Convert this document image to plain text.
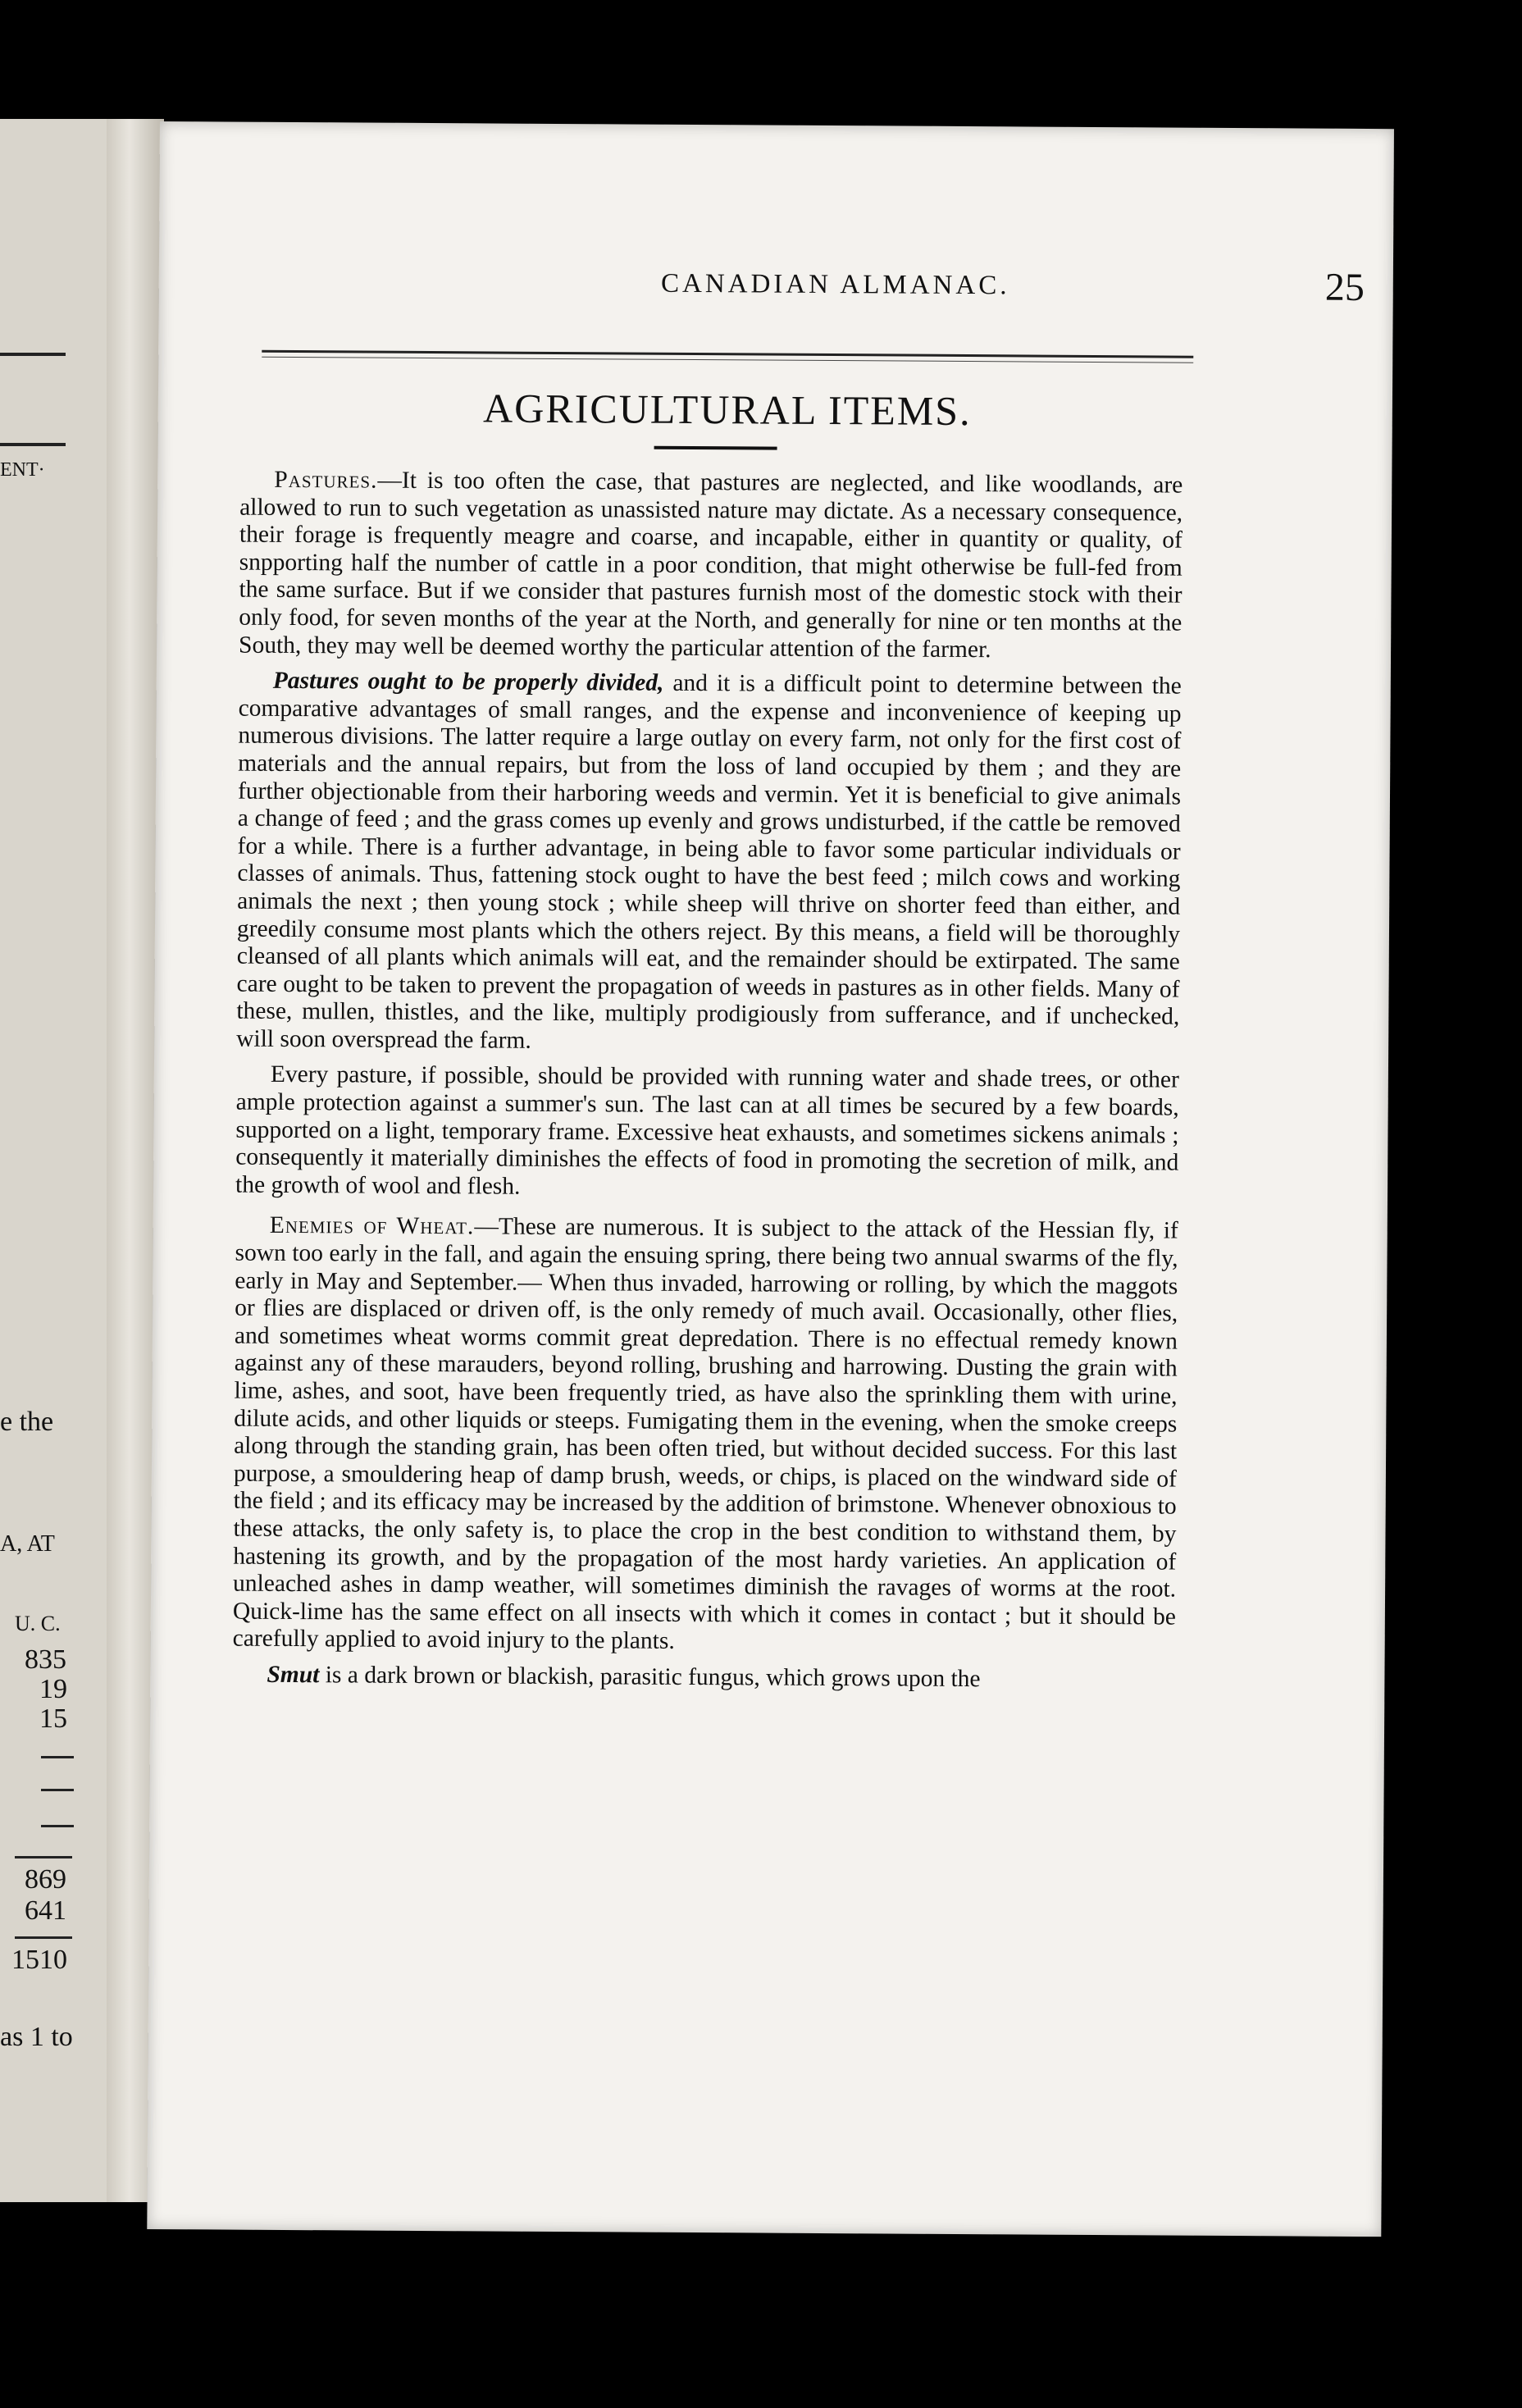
ENT·
e the
A, AT
U. C.
835
19
15
869
641
1510
as 1 to
CANADIAN ALMANAC.	25
AGRICULTURAL ITEMS.

Pastures.—It is too often the case, that pastures are neglected, and like woodlands, are allowed to run to such vegetation as unassisted nature may dictate. As a necessary consequence, their forage is frequently meagre and coarse, and incapable, either in quantity or quality, of snpporting half the number of cattle in a poor condition, that might otherwise be full-fed from the same surface. But if we consider that pastures furnish most of the domestic stock with their only food, for seven months of the year at the North, and generally for nine or ten months at the South, they may well be deemed worthy the particular attention of the farmer.

Pastures ought to be properly divided, and it is a difficult point to determine between the comparative advantages of small ranges, and the expense and inconvenience of keeping up numerous divisions. The latter require a large outlay on every farm, not only for the first cost of materials and the annual repairs, but from the loss of land occupied by them ; and they are further objectionable from their harboring weeds and vermin. Yet it is beneficial to give animals a change of feed ; and the grass comes up evenly and grows undisturbed, if the cattle be removed for a while. There is a further advantage, in being able to favor some particular individuals or classes of animals. Thus, fattening stock ought to have the best feed ; milch cows and working animals the next ; then young stock ; while sheep will thrive on shorter feed than either, and greedily consume most plants which the others reject. By this means, a field will be thoroughly cleansed of all plants which animals will eat, and the remainder should be extirpated. The same care ought to be taken to prevent the propagation of weeds in pastures as in other fields. Many of these, mullen, thistles, and the like, multiply prodigiously from sufferance, and if unchecked, will soon overspread the farm.

Every pasture, if possible, should be provided with running water and shade trees, or other ample protection against a summer's sun. The last can at all times be secured by a few boards, supported on a light, temporary frame. Excessive heat exhausts, and sometimes sickens animals ; consequently it materially diminishes the effects of food in promoting the secretion of milk, and the growth of wool and flesh.

Enemies of Wheat.—These are numerous. It is subject to the attack of the Hessian fly, if sown too early in the fall, and again the ensuing spring, there being two annual swarms of the fly, early in May and September.— When thus invaded, harrowing or rolling, by which the maggots or flies are displaced or driven off, is the only remedy of much avail. Occasionally, other flies, and sometimes wheat worms commit great depredation. There is no effectual remedy known against any of these marauders, beyond rolling, brushing and harrowing. Dusting the grain with lime, ashes, and soot, have been frequently tried, as have also the sprinkling them with urine, dilute acids, and other liquids or steeps. Fumigating them in the evening, when the smoke creeps along through the standing grain, has been often tried, but without decided success. For this last purpose, a smouldering heap of damp brush, weeds, or chips, is placed on the windward side of the field ; and its efficacy may be increased by the addition of brimstone. Whenever obnoxious to these attacks, the only safety is, to place the crop in the best condition to withstand them, by hastening its growth, and by the propagation of the most hardy varieties. An application of unleached ashes in damp weather, will sometimes diminish the ravages of worms at the root. Quick-lime has the same effect on all insects with which it comes in contact ; but it should be carefully applied to avoid injury to the plants.

Smut is a dark brown or blackish, parasitic fungus, which grows upon the
